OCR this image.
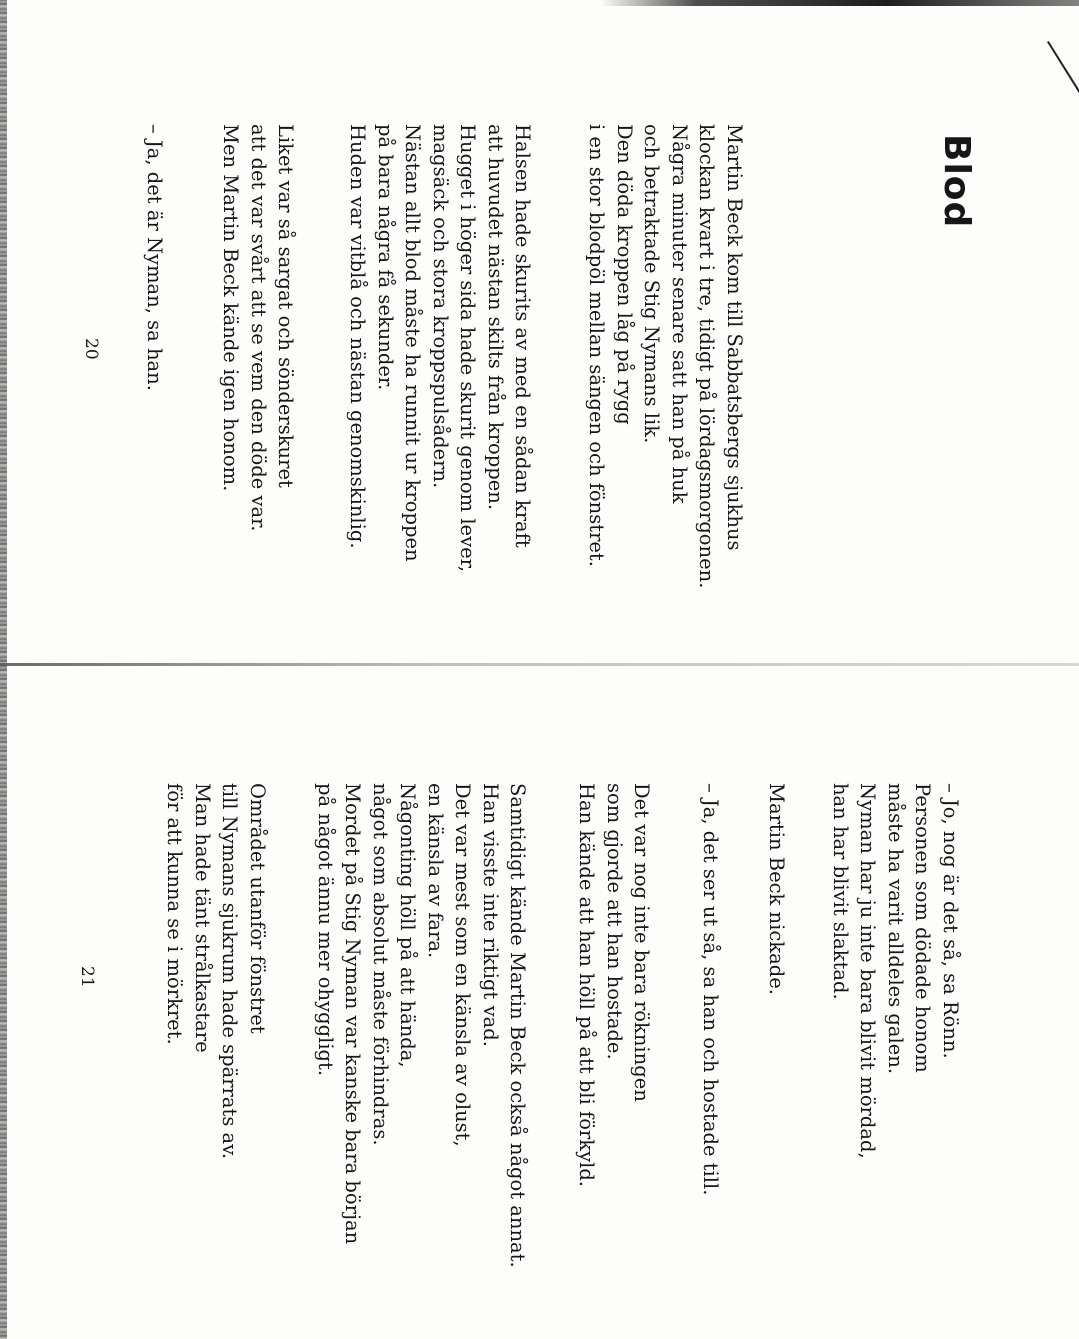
Blod
Martin Beck kom till Sabbatsbergs sjukhus
klockan kvart i tre, tidigt på lördagsmorgonen.
Några minuter senare satt han på huk
och betraktade Stig Nymans lik.
Den döda kroppen låg på rygg
i en stor blodpöl mellan sängen och fönstret.
Halsen hade skurits av med en sådan kraft
att huvudet nästan skilts från kroppen.
Hugget i höger sida hade skurit genom lever,
magsäck och stora kroppspulsådern.
Nästan allt blod måste ha runnit ur kroppen
på bara några få sekunder.
Huden var vitblå och nästan genomskinlig.
Liket var så sargat och sönderskuret
att det var svårt att se vem den döde var.
Men Martin Beck kände igen honom.
– Ja, det är Nyman, sa han.
20
– Jo, nog är det så, sa Rönn.
Personen som dödade honom
måste ha varit alldeles galen.
Nyman har ju inte bara blivit mördad,
han har blivit slaktad.
Martin Beck nickade.
– Ja, det ser ut så, sa han och hostade till.
Det var nog inte bara rökningen
som gjorde att han hostade.
Han kände att han höll på att bli förkyld.
Samtidigt kände Martin Beck också något annat.
Han visste inte riktigt vad.
Det var mest som en känsla av olust,
en känsla av fara.
Någonting höll på att hända,
något som absolut måste förhindras.
Mordet på Stig Nyman var kanske bara början
på något ännu mer ohyggligt.
Området utanför fönstret
till Nymans sjukrum hade spärrats av.
Man hade tänt strålkastare
för att kunna se i mörkret.
21
